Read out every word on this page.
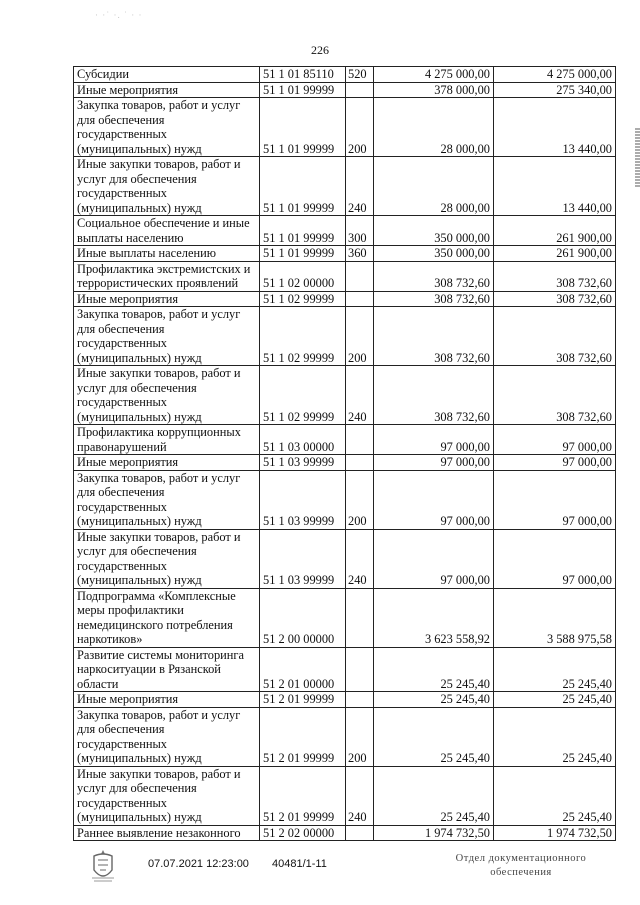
· ·˙ ·. ˙ · ·
226
Субсидии	51 1 01 85110	520	4 275 000,00	4 275 000,00
Иные мероприятия	51 1 01 99999		378 000,00	275 340,00
Закупка товаров, работ и услуг для обеспечения государственных (муниципальных) нужд	51 1 01 99999	200	28 000,00	13 440,00
Иные закупки товаров, работ и услуг для обеспечения государственных (муниципальных) нужд	51 1 01 99999	240	28 000,00	13 440,00
Социальное обеспечение и иные выплаты населению	51 1 01 99999	300	350 000,00	261 900,00
Иные выплаты населению	51 1 01 99999	360	350 000,00	261 900,00
Профилактика экстремистских и террористических проявлений	51 1 02 00000		308 732,60	308 732,60
Иные мероприятия	51 1 02 99999		308 732,60	308 732,60
Закупка товаров, работ и услуг для обеспечения государственных (муниципальных) нужд	51 1 02 99999	200	308 732,60	308 732,60
Иные закупки товаров, работ и услуг для обеспечения государственных (муниципальных) нужд	51 1 02 99999	240	308 732,60	308 732,60
Профилактика коррупционных правонарушений	51 1 03 00000		97 000,00	97 000,00
Иные мероприятия	51 1 03 99999		97 000,00	97 000,00
Закупка товаров, работ и услуг для обеспечения государственных (муниципальных) нужд	51 1 03 99999	200	97 000,00	97 000,00
Иные закупки товаров, работ и услуг для обеспечения государственных (муниципальных) нужд	51 1 03 99999	240	97 000,00	97 000,00
Подпрограмма «Комплексные меры профилактики немедицинского потребления наркотиков»	51 2 00 00000		3 623 558,92	3 588 975,58
Развитие системы мониторинга наркоситуации в Рязанской области	51 2 01 00000		25 245,40	25 245,40
Иные мероприятия	51 2 01 99999		25 245,40	25 245,40
Закупка товаров, работ и услуг для обеспечения государственных (муниципальных) нужд	51 2 01 99999	200	25 245,40	25 245,40
Иные закупки товаров, работ и услуг для обеспечения государственных (муниципальных) нужд	51 2 01 99999	240	25 245,40	25 245,40
Раннее выявление незаконного	51 2 02 00000		1 974 732,50	1 974 732,50
07.07.2021 12:23:00 40481/1-11	Отдел документационного
обеспечения
